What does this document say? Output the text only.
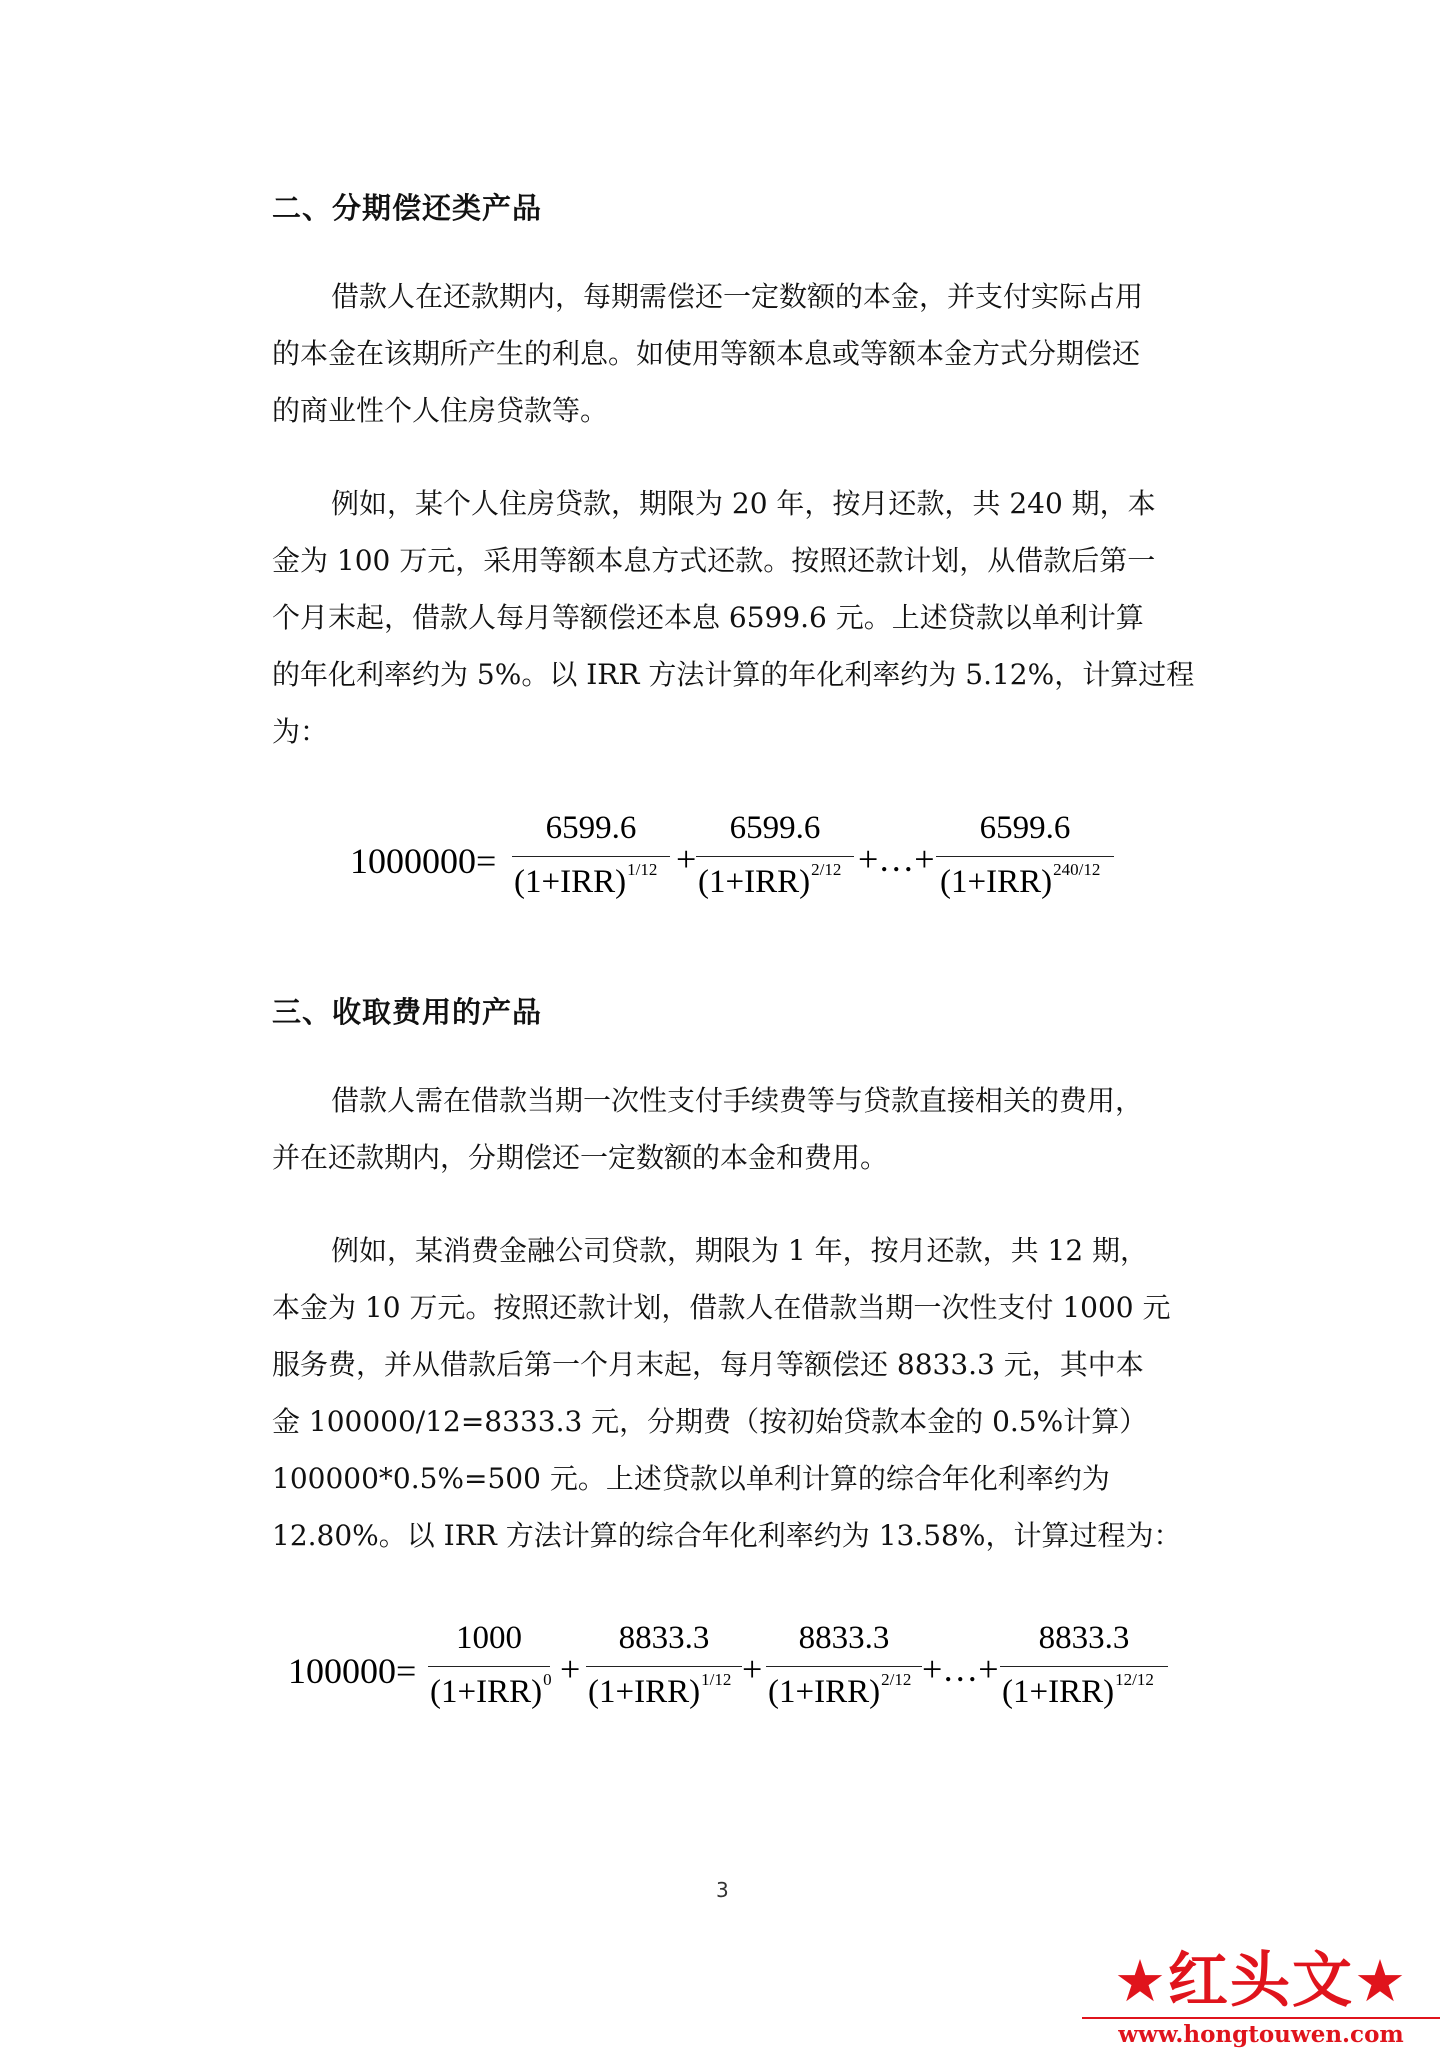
二、分期偿还类产品
借款人在还款期内，每期需偿还一定数额的本金，并支付实际占用
的本金在该期所产生的利息。如使用等额本息或等额本金方式分期偿还
的商业性个人住房贷款等。
例如，某个人住房贷款，期限为 20 年，按月还款，共 240 期，本
金为 100 万元，采用等额本息方式还款。按照还款计划，从借款后第一
个月末起，借款人每月等额偿还本息 6599.6 元。上述贷款以单利计算
的年化利率约为 5%。以 IRR 方法计算的年化利率约为 5.12%，计算过程
为：
1000000=
6599.6
$(1+IRR)^{1/12}$ +
6599.6
$(1+IRR)^{2/12}$ +…+
6599.6
$(1+IRR)^{240/12}$
三、收取费用的产品
借款人需在借款当期一次性支付手续费等与贷款直接相关的费用，
并在还款期内，分期偿还一定数额的本金和费用。
例如，某消费金融公司贷款，期限为 1 年，按月还款，共 12 期，
本金为 10 万元。按照还款计划，借款人在借款当期一次性支付 1000 元
服务费，并从借款后第一个月末起，每月等额偿还 8833.3 元，其中本
金 100000/12=8333.3 元，分期费（按初始贷款本金的 0.5%计算）
100000*0.5%=500 元。上述贷款以单利计算的综合年化利率约为
12.80%。以 IRR 方法计算的综合年化利率约为 13.58%，计算过程为：
100000=
1000
$(1+IRR)^0$ +
8833.3
$(1+IRR)^{1/12}$ +
8833.3
$(1+IRR)^{2/12}$ +…+
8833.3
$(1+IRR)^{12/12}$
3
★红头文★
www.hongtouwen.com
